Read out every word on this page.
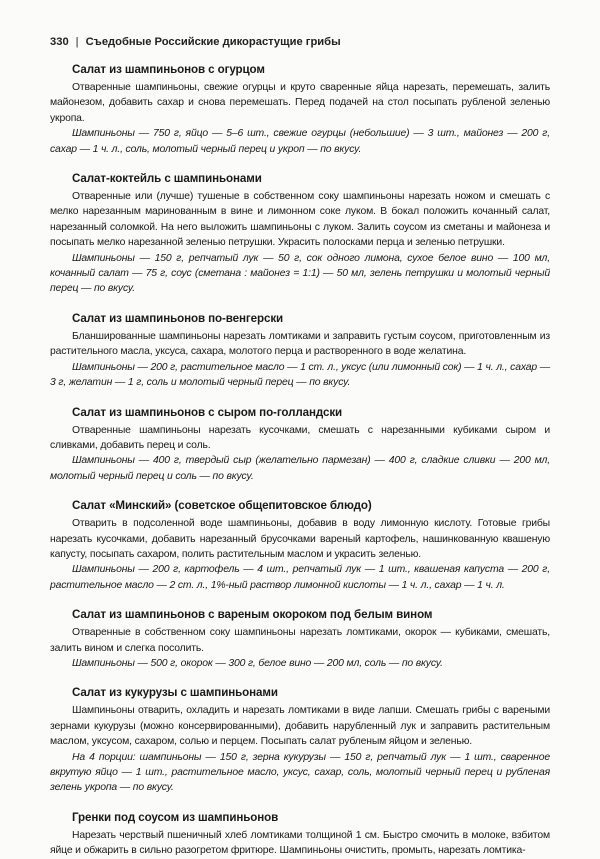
330 | Съедобные Российские дикорастущие грибы

Салат из шампиньонов с огурцом

Отваренные шампиньоны, свежие огурцы и круто сваренные яйца нарезать, перемешать, залить майонезом, добавить сахар и снова перемешать. Перед подачей на стол посыпать рубленой зеленью укропа.

Шампиньоны — 750 г, яйцо — 5–6 шт., свежие огурцы (небольшие) — 3 шт., майонез — 200 г, сахар — 1 ч. л., соль, молотый черный перец и укроп — по вкусу.

Салат-коктейль с шампиньонами

Отваренные или (лучше) тушеные в собственном соку шампиньоны нарезать ножом и смешать с мелко нарезанным маринованным в вине и лимонном соке луком. В бокал положить кочанный салат, нарезанный соломкой. На него выложить шампиньоны с луком. Залить соусом из сметаны и майонеза и посыпать мелко нарезанной зеленью петрушки. Украсить полосками перца и зеленью петрушки.

Шампиньоны — 150 г, репчатый лук — 50 г, сок одного лимона, сухое белое вино — 100 мл, кочанный салат — 75 г, соус (сметана : майонез = 1:1) — 50 мл, зелень петрушки и молотый черный перец — по вкусу.

Салат из шампиньонов по-венгерски

Бланшированные шампиньоны нарезать ломтиками и заправить густым соусом, приготовленным из растительного масла, уксуса, сахара, молотого перца и растворенного в воде желатина.

Шампиньоны — 200 г, растительное масло — 1 ст. л., уксус (или лимонный сок) — 1 ч. л., сахар — 3 г, желатин — 1 г, соль и молотый черный перец — по вкусу.

Салат из шампиньонов с сыром по-голландски

Отваренные шампиньоны нарезать кусочками, смешать с нарезанными кубиками сыром и сливками, добавить перец и соль.

Шампиньоны — 400 г, твердый сыр (желательно пармезан) — 400 г, сладкие сливки — 200 мл, молотый черный перец и соль — по вкусу.

Салат «Минский» (советское общепитовское блюдо)

Отварить в подсоленной воде шампиньоны, добавив в воду лимонную кислоту. Готовые грибы нарезать кусочками, добавить нарезанный брусочками вареный картофель, нашинкованную квашеную капусту, посыпать сахаром, полить растительным маслом и украсить зеленью.

Шампиньоны — 200 г, картофель — 4 шт., репчатый лук — 1 шт., квашеная капуста — 200 г, растительное масло — 2 ст. л., 1%-ный раствор лимонной кислоты — 1 ч. л., сахар — 1 ч. л.

Салат из шампиньонов с вареным окороком под белым вином

Отваренные в собственном соку шампиньоны нарезать ломтиками, окорок — кубиками, смешать, залить вином и слегка посолить.

Шампиньоны — 500 г, окорок — 300 г, белое вино — 200 мл, соль — по вкусу.

Салат из кукурузы с шампиньонами

Шампиньоны отварить, охладить и нарезать ломтиками в виде лапши. Смешать грибы с вареными зернами кукурузы (можно консервированными), добавить нарубленный лук и заправить растительным маслом, уксусом, сахаром, солью и перцем. Посыпать салат рубленым яйцом и зеленью.

На 4 порции: шампиньоны — 150 г, зерна кукурузы — 150 г, репчатый лук — 1 шт., сваренное вкрутую яйцо — 1 шт., растительное масло, уксус, сахар, соль, молотый черный перец и рубленая зелень укропа — по вкусу.

Гренки под соусом из шампиньонов

Нарезать черствый пшеничный хлеб ломтиками толщиной 1 см. Быстро смочить в молоке, взбитом яйце и обжарить в сильно разогретом фритюре. Шампиньоны очистить, промыть, нарезать ломтика-
